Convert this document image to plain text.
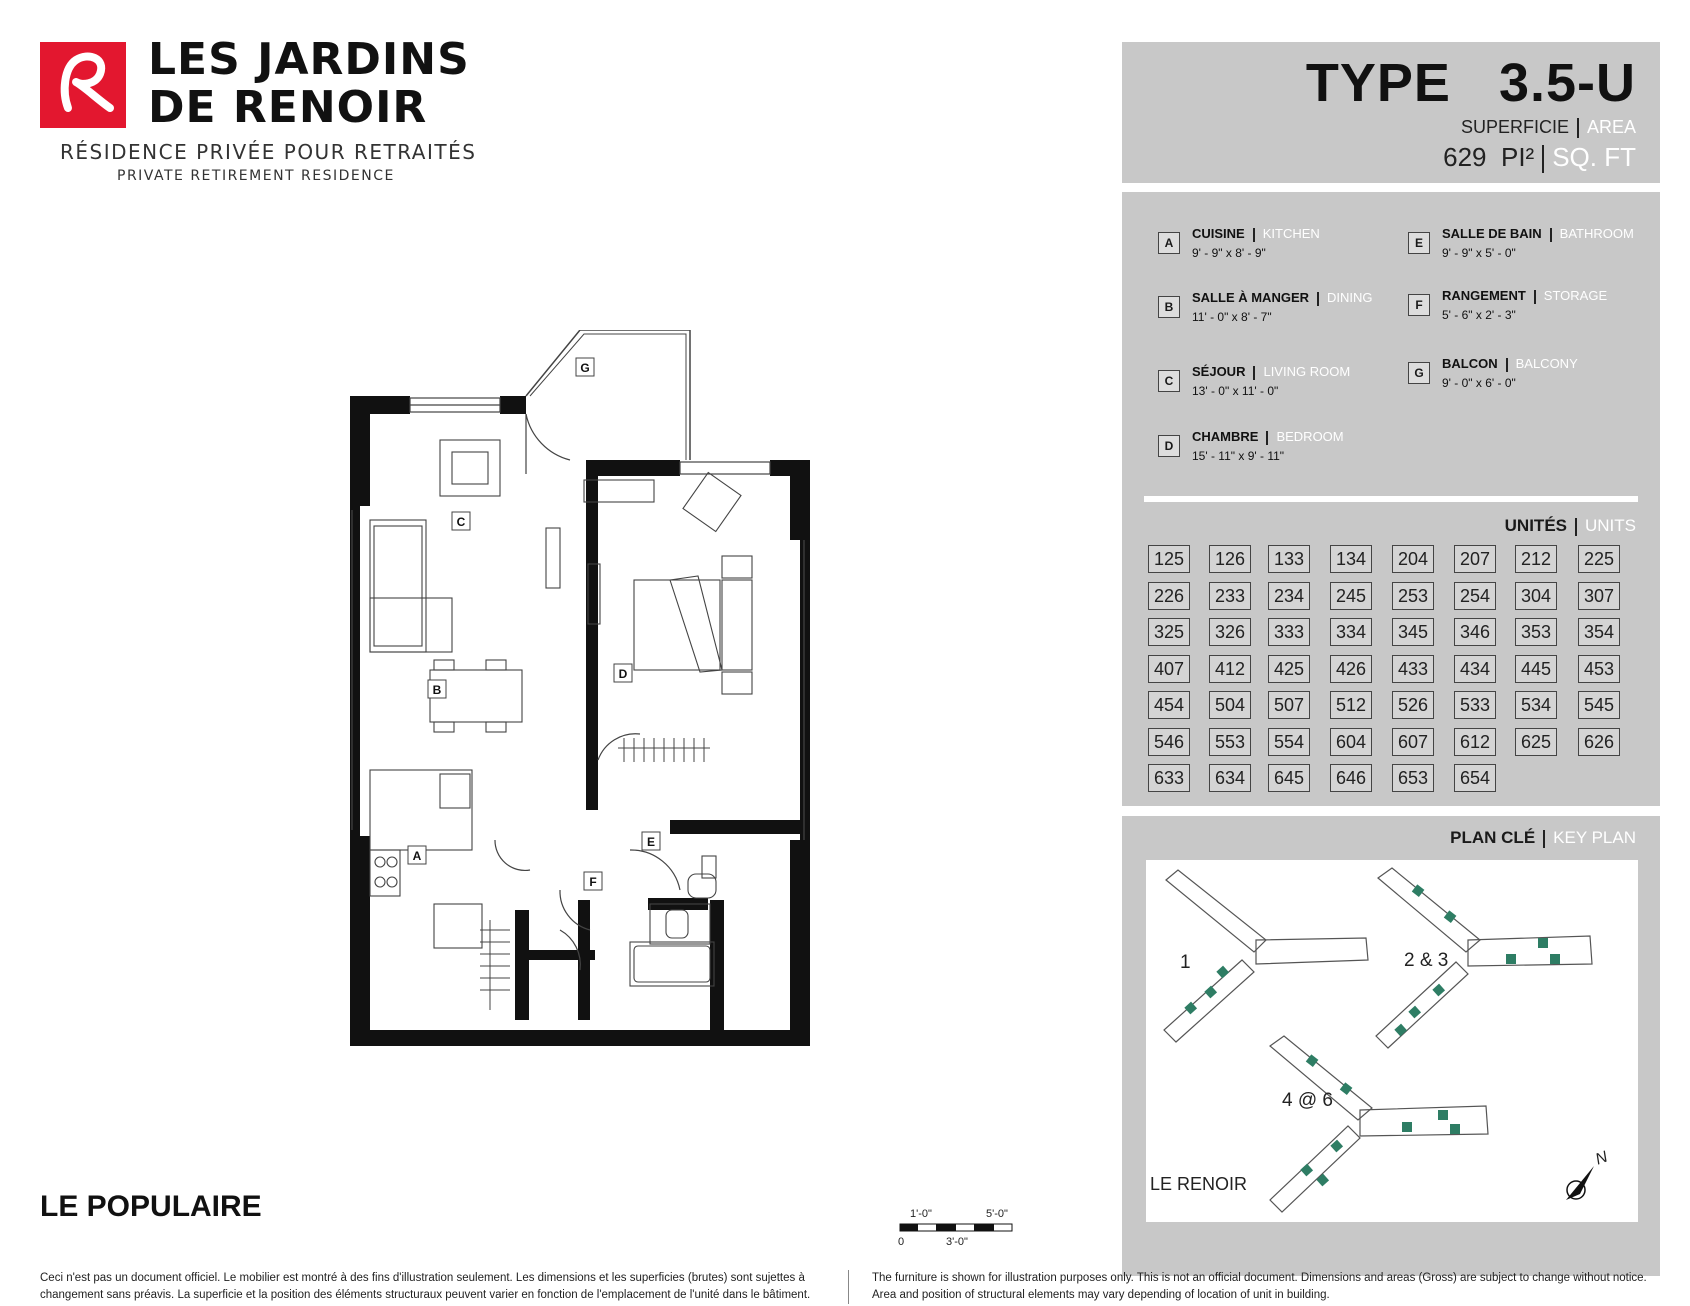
LES JARDINS
DE RENOIR
RÉSIDENCE PRIVÉE POUR RETRAITÉS
PRIVATE RETIREMENT RESIDENCE
TYPE 3.5-U
SUPERFICIE AREA
629 PI² SQ. FT
A
CUISINE KITCHEN
9' - 9" x 8' - 9"
B
SALLE À MANGER DINING
11' - 0" x 8' - 7"
C
SÉJOUR LIVING ROOM
13' - 0" x 11' - 0"
D
CHAMBRE BEDROOM
15' - 11" x 9' - 11"
E
SALLE DE BAIN BATHROOM
9' - 9" x 5' - 0"
F
RANGEMENT STORAGE
5' - 6" x 2' - 3"
G
BALCON BALCONY
9' - 0" x 6' - 0"
UNITÉS UNITS
125	126	133	134	204	207	212	225
226	233	234	245	253	254	304	307
325	326	333	334	345	346	353	354
407	412	425	426	433	434	445	453
454	504	507	512	526	533	534	545
546	553	554	604	607	612	625	626
633	634	645	646	653	654
PLAN CLÉ KEY PLAN
1	2 & 3
4 @ 6
LE RENOIR
N
G
C
B
D
A
E
F
LE POPULAIRE	1'-0"	5'-0"
0	3'-0"
Ceci n'est pas un document officiel. Le mobilier est montré à des fins d'illustration seulement. Les dimensions et les superficies (brutes) sont sujettes à
changement sans préavis. La superficie et la position des éléments structuraux peuvent varier en fonction de l'emplacement de l'unité dans le bâtiment.
The furniture is shown for illustration purposes only. This is not an official document. Dimensions and areas (Gross) are subject to change without notice.
Area and position of structural elements may vary depending of location of unit in building.
